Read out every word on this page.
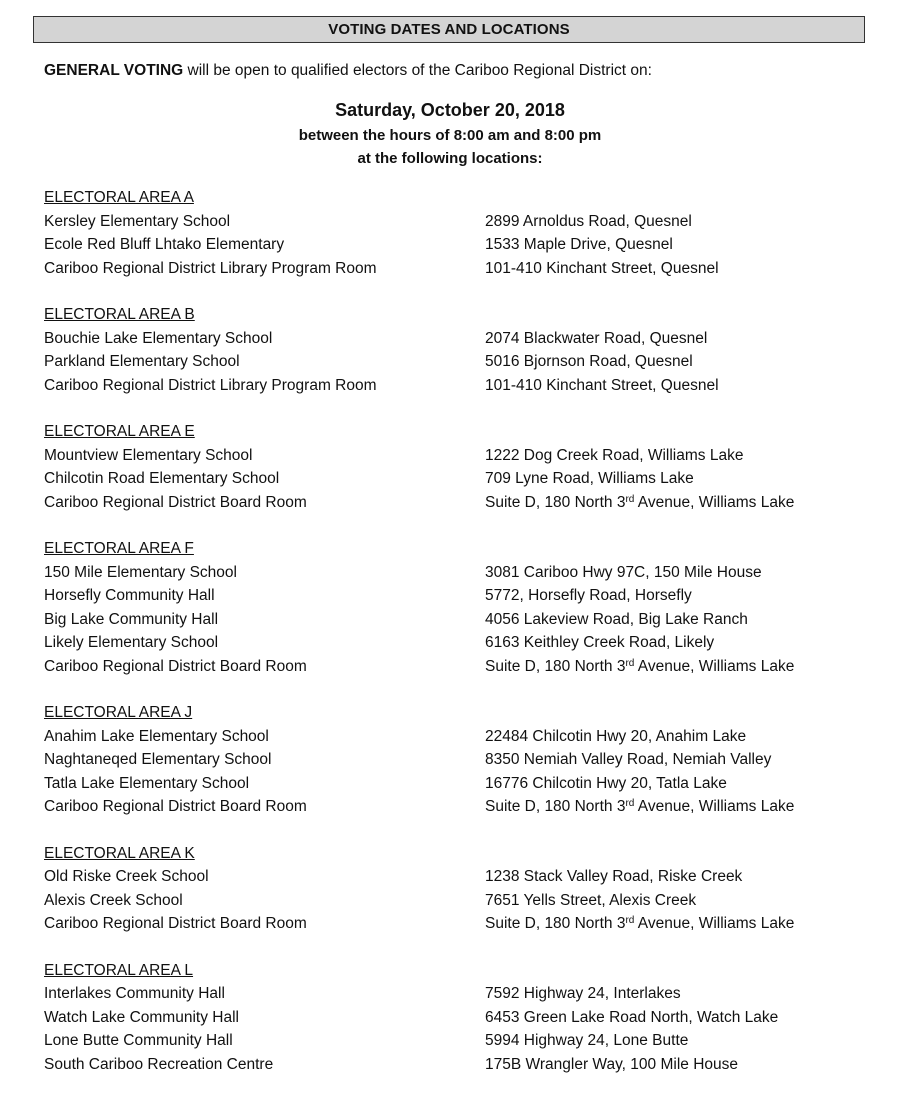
VOTING DATES AND LOCATIONS
GENERAL VOTING will be open to qualified electors of the Cariboo Regional District on:
Saturday, October 20, 2018
between the hours of 8:00 am and 8:00 pm
at the following locations:
ELECTORAL AREA A
Kersley Elementary School	2899 Arnoldus Road, Quesnel
Ecole Red Bluff Lhtako Elementary	1533 Maple Drive, Quesnel
Cariboo Regional District Library Program Room	101-410 Kinchant Street, Quesnel
ELECTORAL AREA B
Bouchie Lake Elementary School	2074 Blackwater Road, Quesnel
Parkland Elementary School	5016 Bjornson Road, Quesnel
Cariboo Regional District Library Program Room	101-410 Kinchant Street, Quesnel
ELECTORAL AREA E
Mountview Elementary School	1222 Dog Creek Road, Williams Lake
Chilcotin Road Elementary School	709 Lyne Road, Williams Lake
Cariboo Regional District Board Room	Suite D, 180 North 3rd Avenue, Williams Lake
ELECTORAL AREA F
150 Mile Elementary School	3081 Cariboo Hwy 97C, 150 Mile House
Horsefly Community Hall	5772, Horsefly Road, Horsefly
Big Lake Community Hall	4056 Lakeview Road, Big Lake Ranch
Likely Elementary School	6163 Keithley Creek Road, Likely
Cariboo Regional District Board Room	Suite D, 180 North 3rd Avenue, Williams Lake
ELECTORAL AREA J
Anahim Lake Elementary School	22484 Chilcotin Hwy 20, Anahim Lake
Naghtaneqed Elementary School	8350 Nemiah Valley Road, Nemiah Valley
Tatla Lake Elementary School	16776 Chilcotin Hwy 20, Tatla Lake
Cariboo Regional District Board Room	Suite D, 180 North 3rd Avenue, Williams Lake
ELECTORAL AREA K
Old Riske Creek School	1238 Stack Valley Road, Riske Creek
Alexis Creek School	7651 Yells Street, Alexis Creek
Cariboo Regional District Board Room	Suite D, 180 North 3rd Avenue, Williams Lake
ELECTORAL AREA L
Interlakes Community Hall	7592 Highway 24, Interlakes
Watch Lake Community Hall	6453 Green Lake Road North, Watch Lake
Lone Butte Community Hall	5994 Highway 24, Lone Butte
South Cariboo Recreation Centre	175B Wrangler Way, 100 Mile House
